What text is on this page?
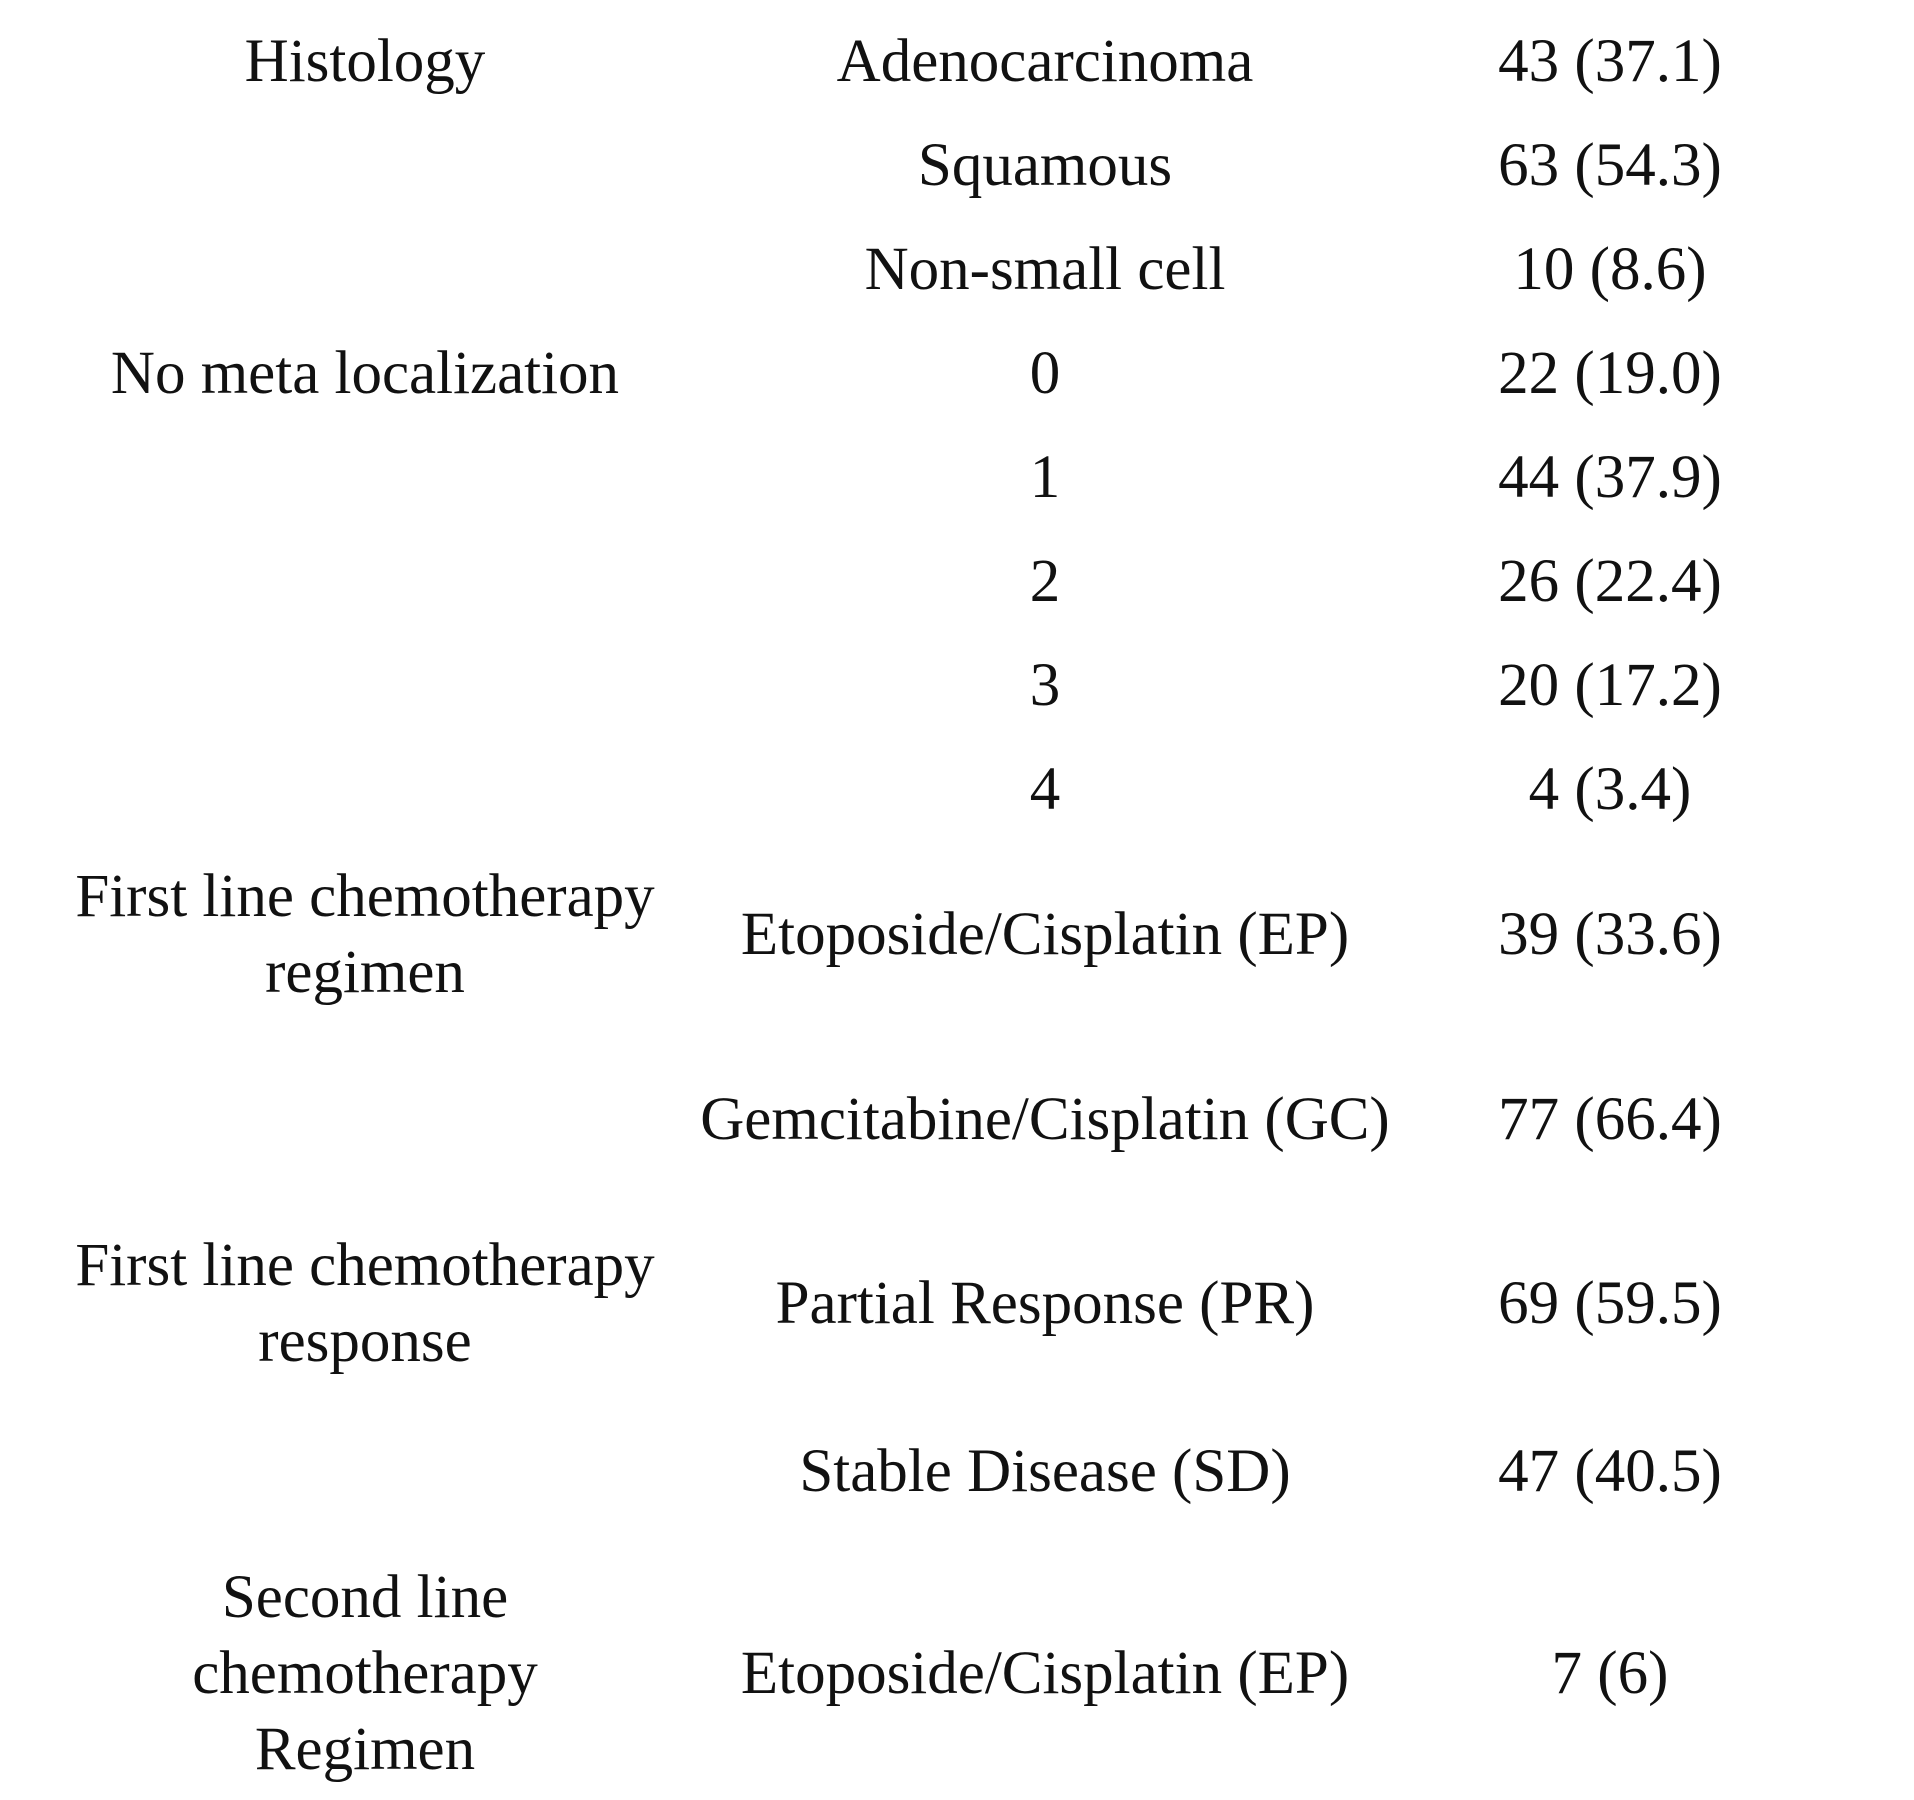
Histology	Adenocarcinoma	43 (37.1)
	Squamous	63 (54.3)
	Non-small cell	10 (8.6)
No meta localization	0	22 (19.0)
	1	44 (37.9)
	2	26 (22.4)
	3	20 (17.2)
	4	4 (3.4)
First line chemotherapy regimen	Etoposide/Cisplatin (EP)	39 (33.6)
	Gemcitabine/Cisplatin (GC)	77 (66.4)
First line chemotherapy response	Partial Response (PR)	69 (59.5)
	Stable Disease (SD)	47 (40.5)
Second line chemotherapy Regimen	Etoposide/Cisplatin (EP)	7 (6)
